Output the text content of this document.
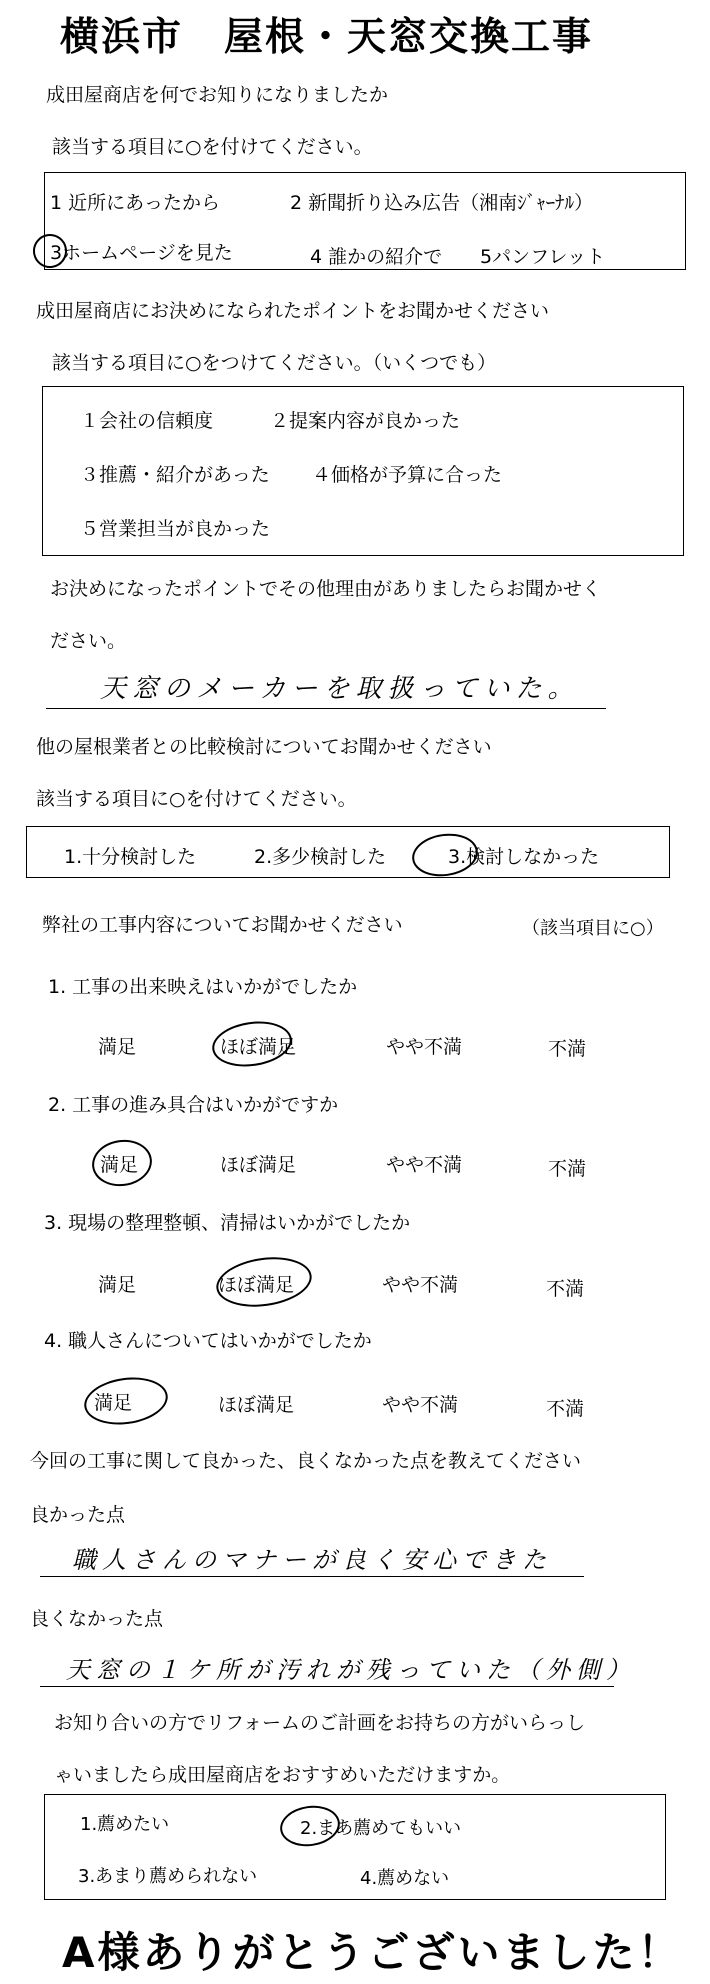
横浜市　屋根・天窓交換工事
成田屋商店を何でお知りになりましたか
該当する項目に○を付けてください。
1 近所にあったから	2 新聞折り込み広告（湘南ｼﾞｬｰﾅﾙ）
3ホームページを見た	4 誰かの紹介で 5パンフレット
成田屋商店にお決めになられたポイントをお聞かせください
該当する項目に○をつけてください。（いくつでも）
１会社の信頼度	２提案内容が良かった
３推薦・紹介があった ４価格が予算に合った
５営業担当が良かった
お決めになったポイントでその他理由がありましたらお聞かせく
ださい。
天窓のメーカーを取扱っていた。
他の屋根業者との比較検討についてお聞かせください
該当する項目に○を付けてください。
1.十分検討した	2.多少検討した	3.検討しなかった
弊社の工事内容についてお聞かせください	（該当項目に○）
1. 工事の出来映えはいかがでしたか
満足	ほぼ満足	やや不満	不満
2. 工事の進み具合はいかがですか
満足	ほぼ満足	やや不満	不満
3. 現場の整理整頓、清掃はいかがでしたか
満足	ほぼ満足	やや不満	不満
4. 職人さんについてはいかがでしたか
満足	ほぼ満足	やや不満	不満
今回の工事に関して良かった、良くなかった点を教えてください
良かった点
職人さんのマナーが良く安心できた
良くなかった点
天窓の１ケ所が汚れが残っていた（外側）
お知り合いの方でリフォームのご計画をお持ちの方がいらっし
ゃいましたら成田屋商店をおすすめいただけますか。
1.薦めたい	2.まあ薦めてもいい
3.あまり薦められない	4.薦めない
A様ありがとうございました！
